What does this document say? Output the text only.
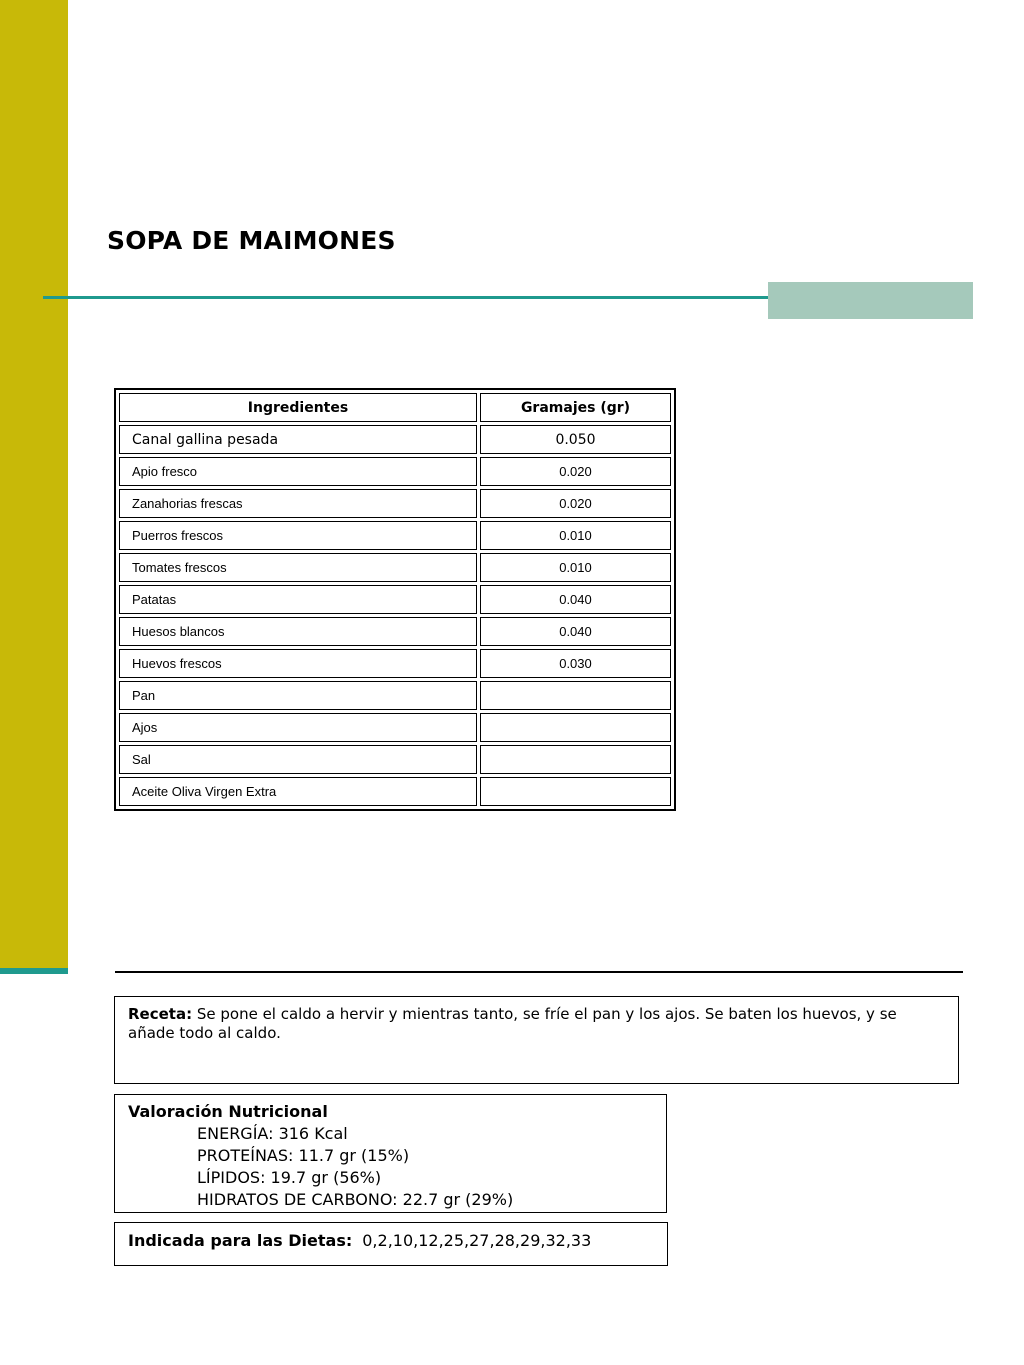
SOPA DE MAIMONES
Ingredientes	Gramajes (gr)
Canal gallina pesada	0.050
Apio fresco	0.020
Zanahorias frescas	0.020
Puerros frescos	0.010
Tomates frescos	0.010
Patatas	0.040
Huesos blancos	0.040
Huevos frescos	0.030
Pan	
Ajos	
Sal	
Aceite Oliva Virgen Extra	
Receta: Se pone el caldo a hervir y mientras tanto, se fríe el pan y los ajos. Se baten los huevos, y se añade todo al caldo.
Valoración Nutricional
ENERGÍA: 316 Kcal
PROTEÍNAS: 11.7 gr (15%)
LÍPIDOS: 19.7 gr (56%)
HIDRATOS DE CARBONO: 22.7 gr (29%)
Indicada para las Dietas: 0,2,10,12,25,27,28,29,32,33
